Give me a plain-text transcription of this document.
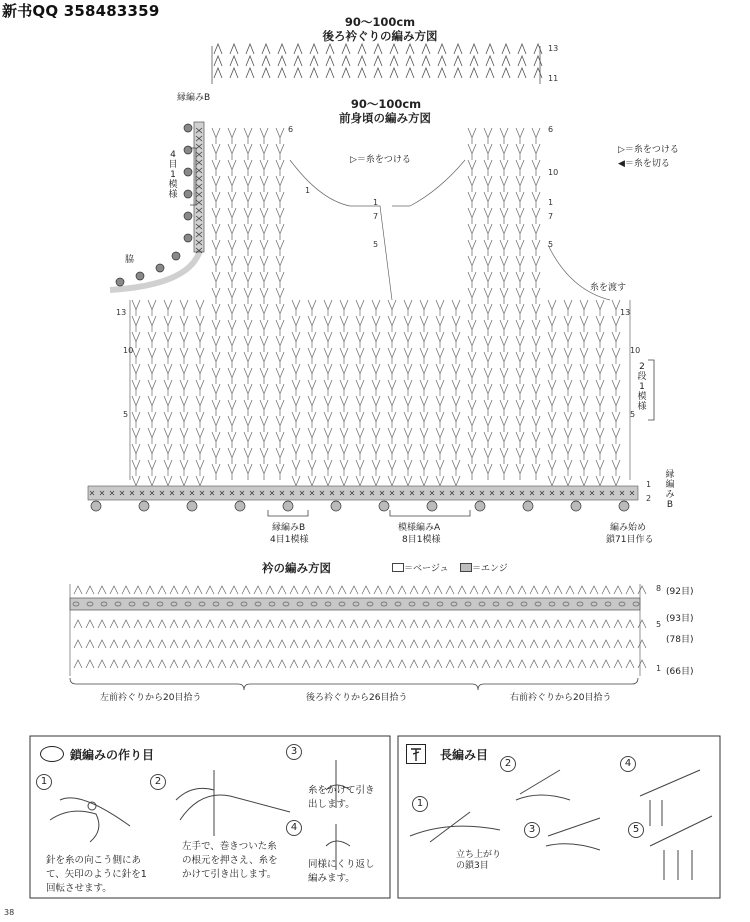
新书QQ 358483359
90〜100cm
後ろ衿ぐりの編み方図
13
11
90〜100cm
前身頃の編み方図
▷＝糸をつける
縁編みB
4目1模様
脇
糸を渡す
2段1模様
縁編みB
縁編みB
4目1模様
模様編みA
8目1模様
編み始め
鎖71目作る
6
1
7
5
1
13
10
5
6
10
7
5
1
13
10
5
1
2
▷＝糸をつける
◀＝糸を切る
衿の編み方図	＝ベージュ	＝エンジ
(92目)
(93目)
(78目)
(66目)
8
5
1
左前衿ぐりから20目拾う	後ろ衿ぐりから26目拾う	右前衿ぐりから20目拾う
鎖編みの作り目
1	2
3
4
針を糸の向こう側にあて、矢印のように針を1回転させます。
左手で、巻きついた糸の根元を押さえ、糸をかけて引き出します。
糸をかけて引き出します。
同様にくり返し編みます。
長編み目
1
2
3
4
5
立ち上がりの鎖3目
38
